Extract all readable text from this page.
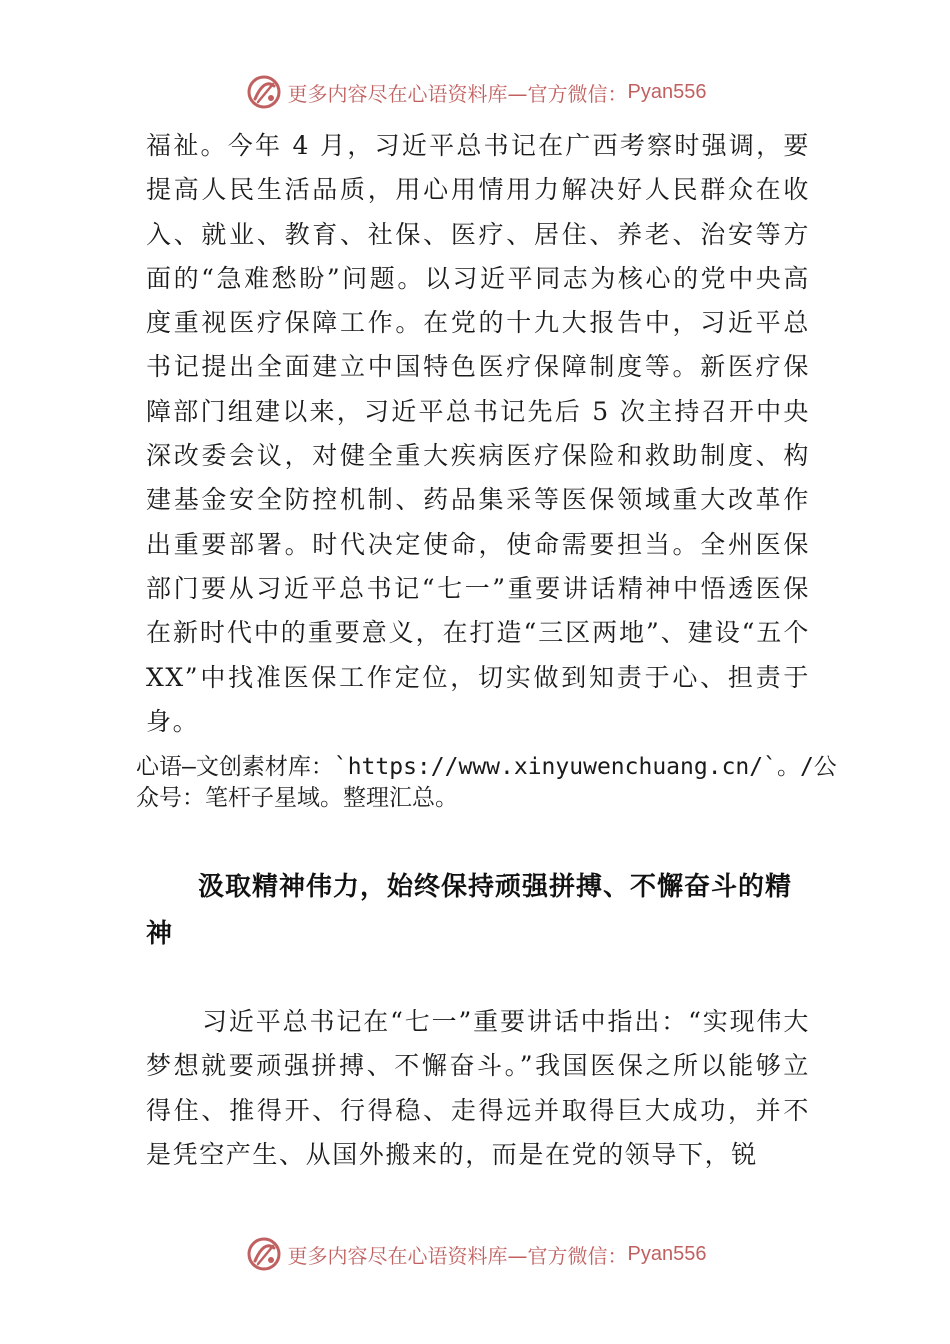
更多内容尽在心语资料库—官方微信： Pyan556

福祉。今年 4 月，习近平总书记在广西考察时强调，要提高人民生活品质，用心用情用力解决好人民群众在收入、就业、教育、社保、医疗、居住、养老、治安等方面的“急难愁盼”问题。以习近平同志为核心的党中央高度重视医疗保障工作。在党的十九大报告中，习近平总书记提出全面建立中国特色医疗保障制度等。新医疗保障部门组建以来，习近平总书记先后 5 次主持召开中央深改委会议，对健全重大疾病医疗保险和救助制度、构建基金安全防控机制、药品集采等医保领域重大改革作出重要部署。时代决定使命，使命需要担当。全州医保部门要从习近平总书记“七一”重要讲话精神中悟透医保在新时代中的重要意义，在打造“三区两地”、建设“五个 XX”中找准医保工作定位，切实做到知责于心、担责于身。

心语—文创素材库：`https://www.xinyuwenchuang.cn/`。/公众号：笔杆子星域。整理汇总。

汲取精神伟力，始终保持顽强拼搏、不懈奋斗的精神

习近平总书记在“七一”重要讲话中指出：“实现伟大梦想就要顽强拼搏、不懈奋斗。”我国医保之所以能够立得住、推得开、行得稳、走得远并取得巨大成功，并不是凭空产生、从国外搬来的，而是在党的领导下，锐

更多内容尽在心语资料库—官方微信： Pyan556
